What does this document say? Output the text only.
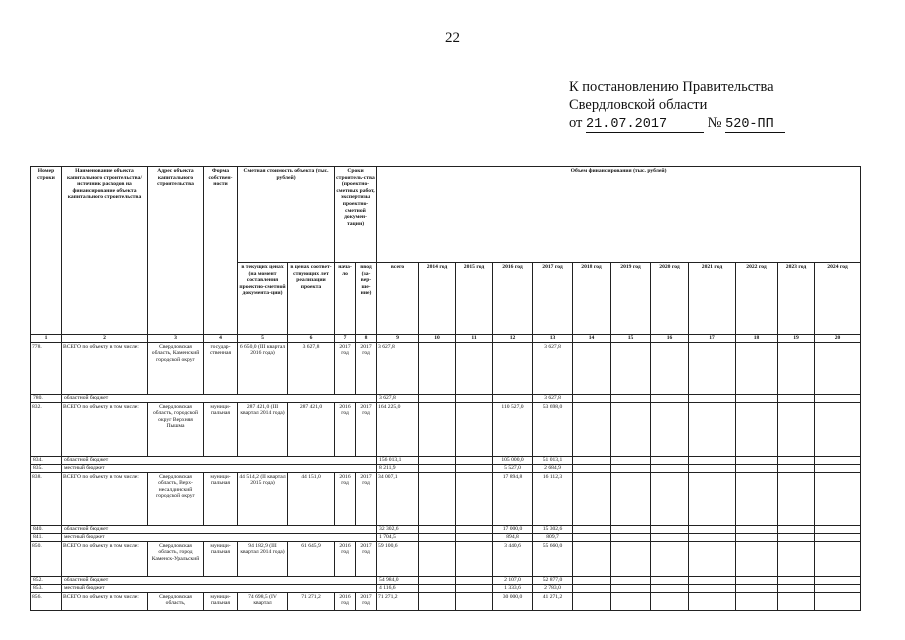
22
К постановлению Правительства
Свердловской области
от 21.07.2017	№ 520-ПП
Номер строки	Наименование объекта капитального строительства/ источник расходов на финансирование объекта капитального строительства	Адрес объекта капитального строительства	Форма собствен-ности	Сметная стоимость объекта (тыс. рублей)		Сроки строитель-ства (проектно-сметных работ, экспертизы проектно-сметной докумен-тации)		Объем финансирования (тыс. рублей)											
				в текущих ценах (на момент составления проектно-сметной документа-ции)	в ценах соответ-ствующих лет реализации проекта	нача-ло	ввод (за-вер-ше-ние)	всего	2014 год	2015 год	2016 год	2017 год	2018 год	2019 год	2020 год	2021 год	2022 год	2023 год	2024 год
1	2	3	4	5	6	7	8	9	10	11	12	13	14	15	16	17	18	19	20
778.	ВСЕГО по объекту в том числе:	Свердловская область, Каменский городской округ	государ-ственная	6 650,0 (III квартал 2016 года)	3 627,8	2017 год	2017 год	3 627,8				3 627,8							
780.	областной бюджет							3 627,8				3 627,8							
832.	ВСЕГО по объекту в том числе:	Свердловская область, городской округ Верхняя Пышма	муници-пальная	287 421,0 (III квартал 2014 года)	287 421,0	2016 год	2017 год	164 225,0			110 527,0	53 698,0							
834.	областной бюджет							156 013,1			105 000,0	51 013,1							
835.	местный бюджет							8 211,9			5 527,0	2 684,9							
838.	ВСЕГО по объекту в том числе:	Свердловская область, Верх-несалдинский городской округ	муници-пальная	44 514,2 (II квартал 2015 года)	44 151,0	2016 год	2017 год	34 007,1			17 894,8	16 112,3							
840.	областной бюджет							32 302,6			17 000,0	15 302,6							
841.	местный бюджет							1 704,5			894,8	809,7							
850.	ВСЕГО по объекту в том числе:	Свердловская область, город Каменск-Уральский	муници-пальная	94 182,9 (III квартал 2014 года)	61 645,9	2016 год	2017 год	59 100,6			3 440,6	55 660,0							
852.	областной бюджет							54 984,0			2 107,0	52 877,0							
853.	местный бюджет							4 116,6			1 333,6	2 783,0							
856.	ВСЕГО по объекту в том числе:	Свердловская область,	муници-пальная	74 698,5 (IV квартал	71 271,2	2016 год	2017 год	71 271,2			30 000,0	41 271,2							
